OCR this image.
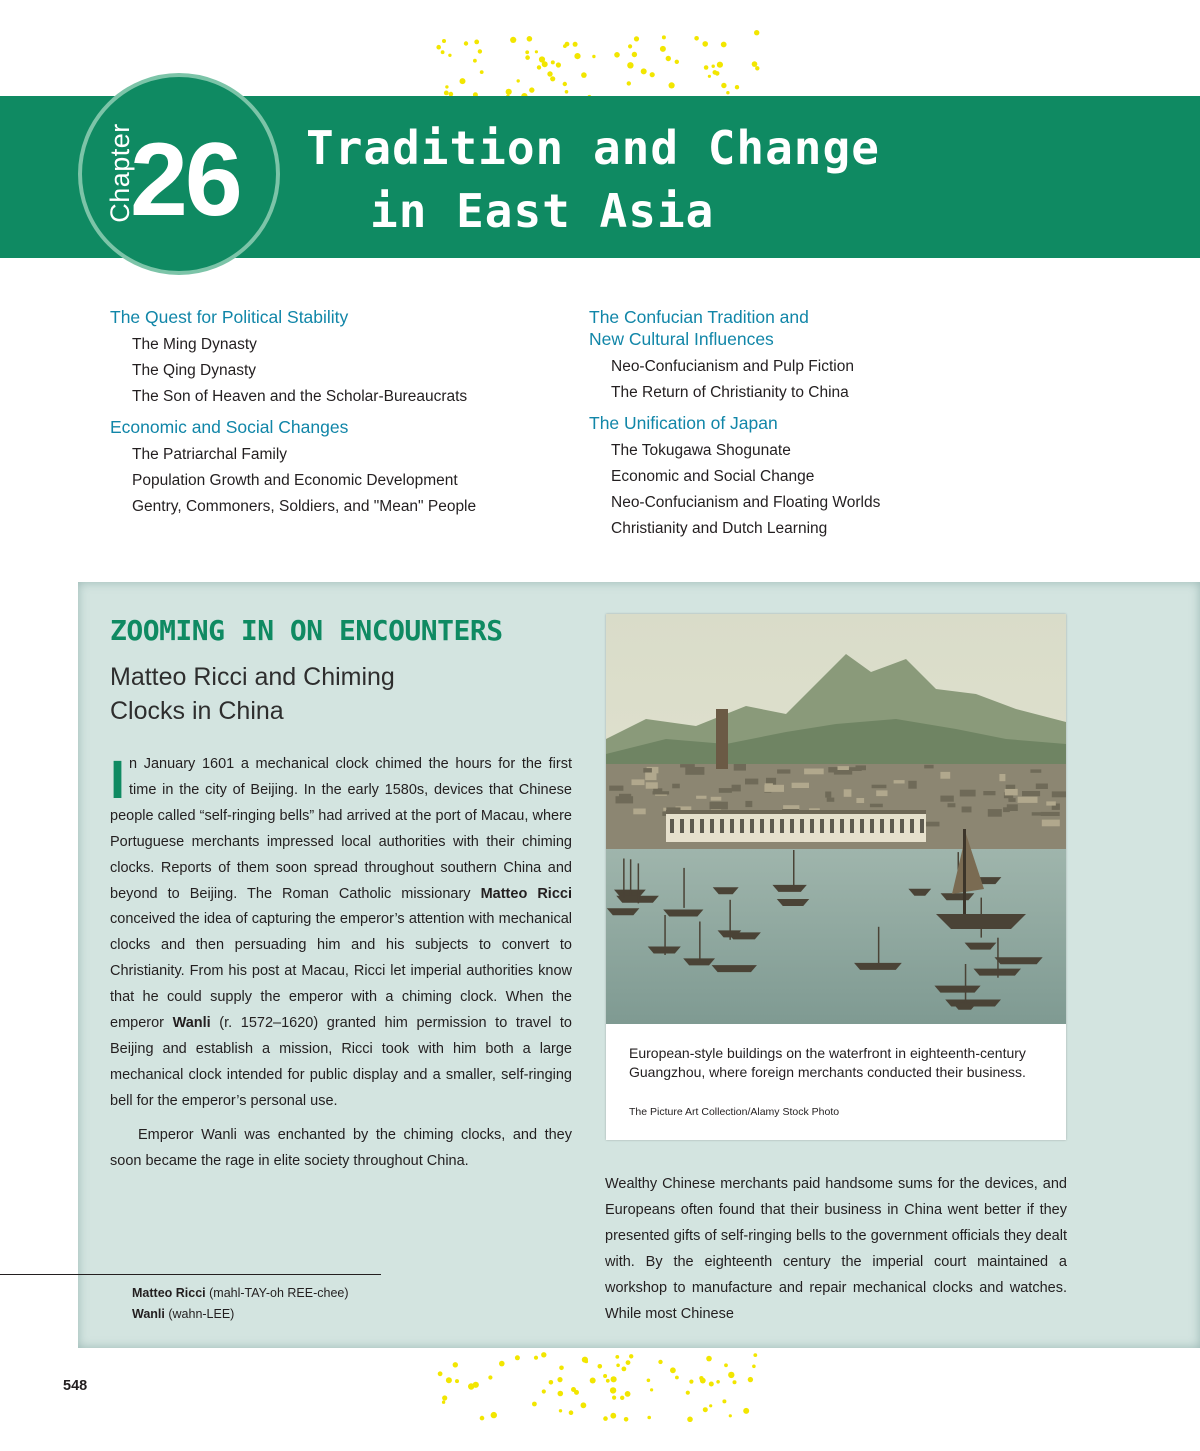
Chapter
26	Tradition and Change
in East Asia
The Quest for Political Stability
The Ming Dynasty
The Qing Dynasty
The Son of Heaven and the Scholar-Bureaucrats
Economic and Social Changes
The Patriarchal Family
Population Growth and Economic Development
Gentry, Commoners, Soldiers, and "Mean" People
The Confucian Tradition and
New Cultural Influences
Neo-Confucianism and Pulp Fiction
The Return of Christianity to China
The Unification of Japan
The Tokugawa Shogunate
Economic and Social Change
Neo-Confucianism and Floating Worlds
Christianity and Dutch Learning
ZOOMING IN ON ENCOUNTERS
Matteo Ricci and Chiming
Clocks in China

In January 1601 a mechanical clock chimed the hours for the first time in the city of Beijing. In the early 1580s, devices that Chinese people called “self-ringing bells” had arrived at the port of Macau, where Portuguese merchants impressed local authorities with their chiming clocks. Reports of them soon spread throughout southern China and beyond to Beijing. The Roman Catholic missionary Matteo Ricci conceived the idea of capturing the emperor’s attention with mechanical clocks and then persuading him and his subjects to convert to Christianity. From his post at Macau, Ricci let imperial authorities know that he could supply the emperor with a chiming clock. When the emperor Wanli (r. 1572–1620) granted him permission to travel to Beijing and establish a mission, Ricci took with him both a large mechanical clock intended for public display and a smaller, self-ringing bell for the emperor’s personal use.

Emperor Wanli was enchanted by the chiming clocks, and they soon became the rage in elite society throughout China.

Matteo Ricci (mahl-TAY-oh REE-chee)
Wanli (wahn-LEE)
European-style buildings on the waterfront in eighteenth-century Guangzhou, where foreign merchants conducted their business.
The Picture Art Collection/Alamy Stock Photo
Wealthy Chinese merchants paid handsome sums for the devices, and Europeans often found that their business in China went better if they presented gifts of self-ringing bells to the government officials they dealt with. By the eighteenth century the imperial court maintained a workshop to manufacture and repair mechanical clocks and watches. While most Chinese
548
